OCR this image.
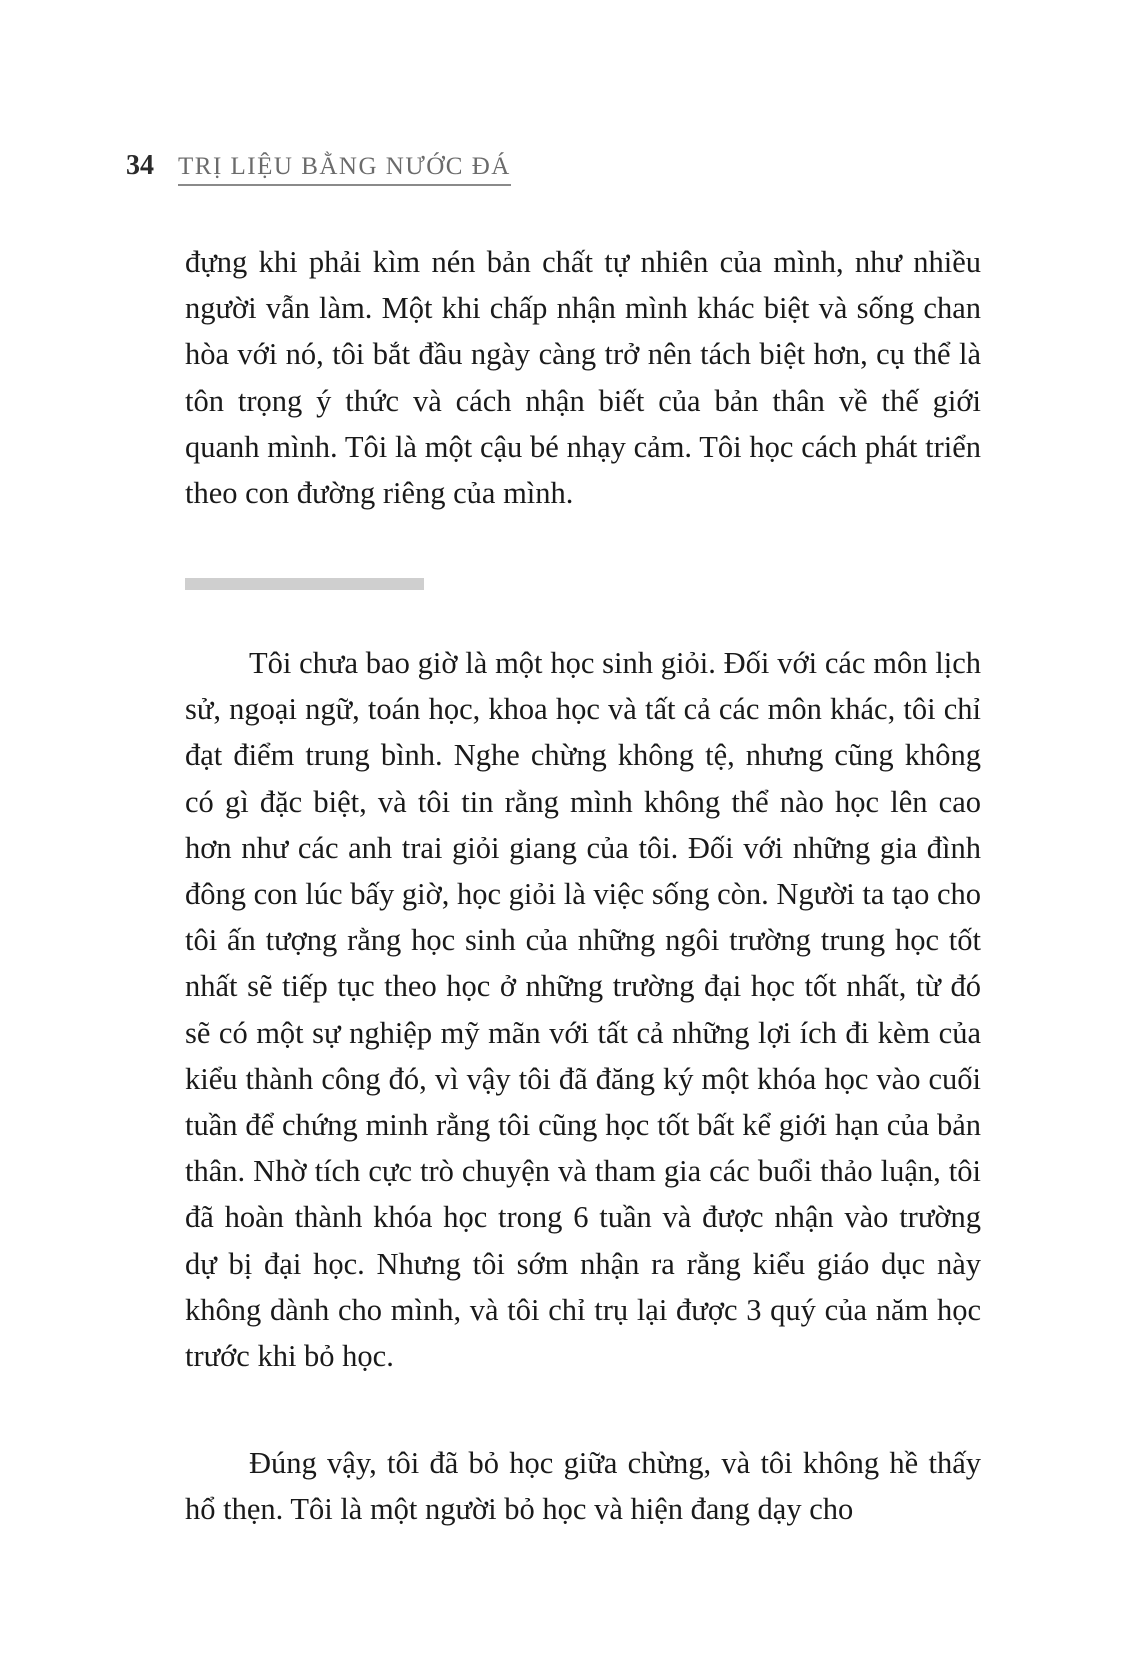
34 TRỊ LIỆU BẰNG NƯỚC ĐÁ

đựng khi phải kìm nén bản chất tự nhiên của mình, như nhiều người vẫn làm. Một khi chấp nhận mình khác biệt và sống chan hòa với nó, tôi bắt đầu ngày càng trở nên tách biệt hơn, cụ thể là tôn trọng ý thức và cách nhận biết của bản thân về thế giới quanh mình. Tôi là một cậu bé nhạy cảm. Tôi học cách phát triển theo con đường riêng của mình.

Tôi chưa bao giờ là một học sinh giỏi. Đối với các môn lịch sử, ngoại ngữ, toán học, khoa học và tất cả các môn khác, tôi chỉ đạt điểm trung bình. Nghe chừng không tệ, nhưng cũng không có gì đặc biệt, và tôi tin rằng mình không thể nào học lên cao hơn như các anh trai giỏi giang của tôi. Đối với những gia đình đông con lúc bấy giờ, học giỏi là việc sống còn. Người ta tạo cho tôi ấn tượng rằng học sinh của những ngôi trường trung học tốt nhất sẽ tiếp tục theo học ở những trường đại học tốt nhất, từ đó sẽ có một sự nghiệp mỹ mãn với tất cả những lợi ích đi kèm của kiểu thành công đó, vì vậy tôi đã đăng ký một khóa học vào cuối tuần để chứng minh rằng tôi cũng học tốt bất kể giới hạn của bản thân. Nhờ tích cực trò chuyện và tham gia các buổi thảo luận, tôi đã hoàn thành khóa học trong 6 tuần và được nhận vào trường dự bị đại học. Nhưng tôi sớm nhận ra rằng kiểu giáo dục này không dành cho mình, và tôi chỉ trụ lại được 3 quý của năm học trước khi bỏ học.

Đúng vậy, tôi đã bỏ học giữa chừng, và tôi không hề thấy hổ thẹn. Tôi là một người bỏ học và hiện đang dạy cho
